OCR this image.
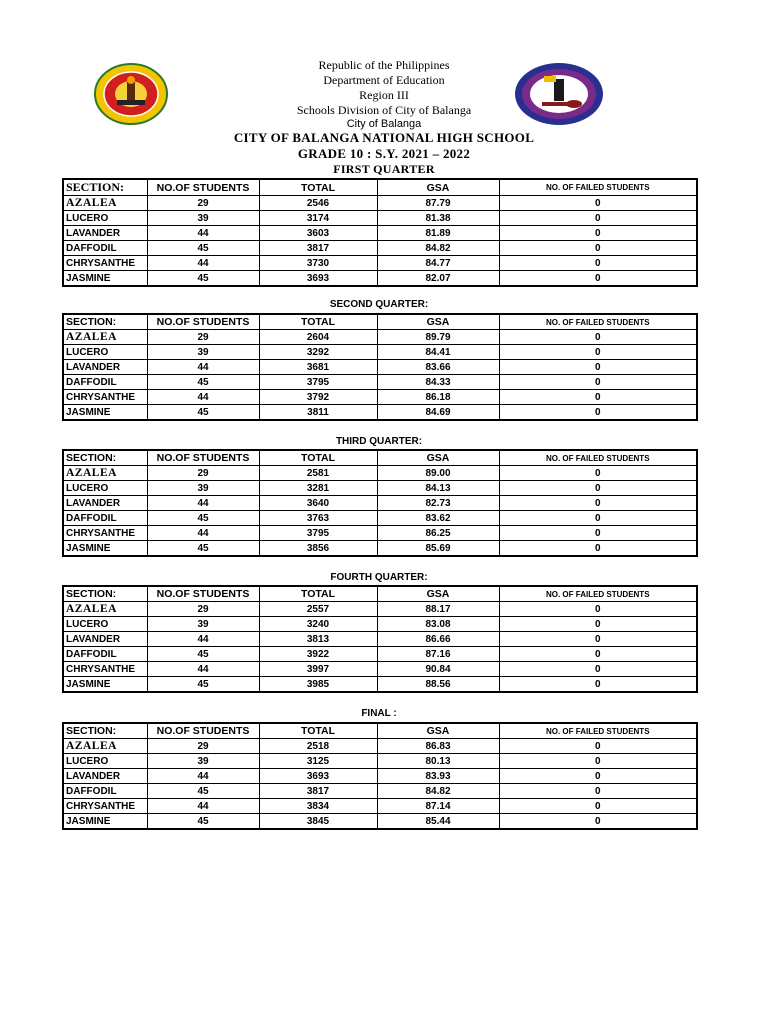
Republic of the Philippines
Department of Education
Region III
Schools Division of City of Balanga
City of Balanga
CITY OF BALANGA NATIONAL HIGH SCHOOL
GRADE 10 : S.Y. 2021 – 2022
FIRST QUARTER
SECTION:	NO.OF STUDENTS	TOTAL	GSA	NO. OF FAILED STUDENTS
AZALEA	29	2546	87.79	0
LUCERO	39	3174	81.38	0
LAVANDER	44	3603	81.89	0
DAFFODIL	45	3817	84.82	0
CHRYSANTHE	44	3730	84.77	0
JASMINE	45	3693	82.07	0
SECOND QUARTER:
SECTION:	NO.OF STUDENTS	TOTAL	GSA	NO. OF FAILED STUDENTS
AZALEA	29	2604	89.79	0
LUCERO	39	3292	84.41	0
LAVANDER	44	3681	83.66	0
DAFFODIL	45	3795	84.33	0
CHRYSANTHE	44	3792	86.18	0
JASMINE	45	3811	84.69	0
THIRD QUARTER:
SECTION:	NO.OF STUDENTS	TOTAL	GSA	NO. OF FAILED STUDENTS
AZALEA	29	2581	89.00	0
LUCERO	39	3281	84.13	0
LAVANDER	44	3640	82.73	0
DAFFODIL	45	3763	83.62	0
CHRYSANTHE	44	3795	86.25	0
JASMINE	45	3856	85.69	0
FOURTH QUARTER:
SECTION:	NO.OF STUDENTS	TOTAL	GSA	NO. OF FAILED STUDENTS
AZALEA	29	2557	88.17	0
LUCERO	39	3240	83.08	0
LAVANDER	44	3813	86.66	0
DAFFODIL	45	3922	87.16	0
CHRYSANTHE	44	3997	90.84	0
JASMINE	45	3985	88.56	0
FINAL :
SECTION:	NO.OF STUDENTS	TOTAL	GSA	NO. OF FAILED STUDENTS
AZALEA	29	2518	86.83	0
LUCERO	39	3125	80.13	0
LAVANDER	44	3693	83.93	0
DAFFODIL	45	3817	84.82	0
CHRYSANTHE	44	3834	87.14	0
JASMINE	45	3845	85.44	0
